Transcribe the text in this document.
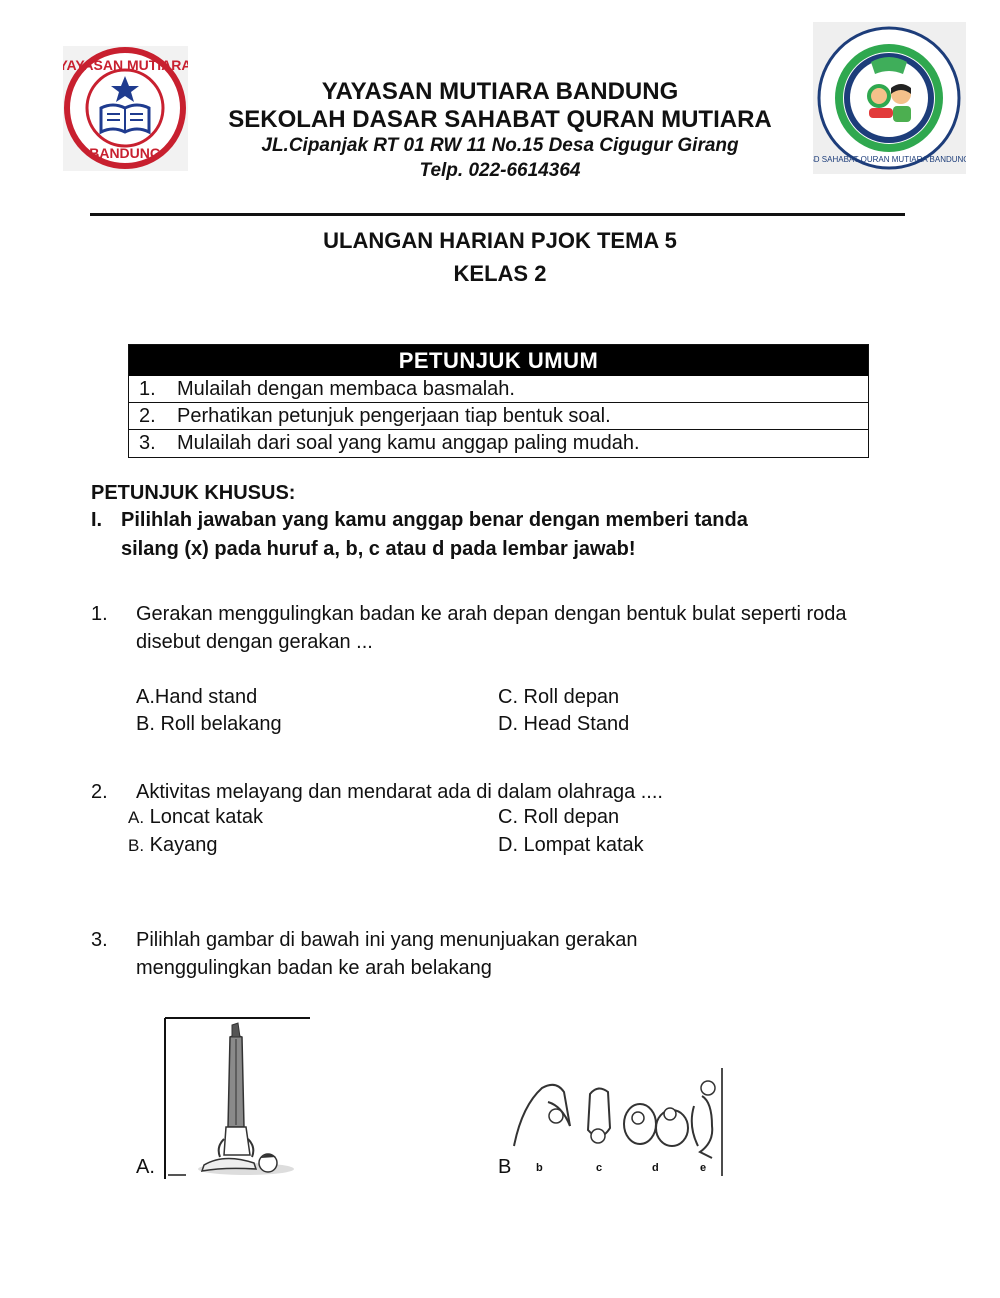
YAYASAN MUTIARA
BANDUNG	SD SAHABAT QURAN MUTIARA BANDUNG
YAYASAN MUTIARA BANDUNG
SEKOLAH DASAR SAHABAT QURAN MUTIARA
JL.Cipanjak RT 01 RW 11 No.15 Desa Cigugur Girang
Telp. 022-6614364
ULANGAN HARIAN PJOK TEMA 5
KELAS 2
PETUNJUK UMUM
1. Mulailah dengan membaca basmalah.
2. Perhatikan petunjuk pengerjaan tiap bentuk soal.
3. Mulailah dari soal yang kamu anggap paling mudah.
PETUNJUK KHUSUS:
I. Pilihlah jawaban yang kamu anggap benar dengan memberi tanda
silang (x) pada huruf a, b, c atau d pada lembar jawab!
1. Gerakan menggulingkan badan ke arah depan dengan bentuk bulat seperti roda
disebut dengan gerakan ...
A.Hand stand
B. Roll belakang
C. Roll depan
D. Head Stand
2. Aktivitas melayang dan mendarat ada di dalam olahraga ....
A. Loncat katak
B. Kayang
C. Roll depan
D. Lompat katak
3. Pilihlah gambar di bawah ini yang menunjuakan gerakan
menggulingkan badan ke arah belakang
A.	B b	c	d	e
